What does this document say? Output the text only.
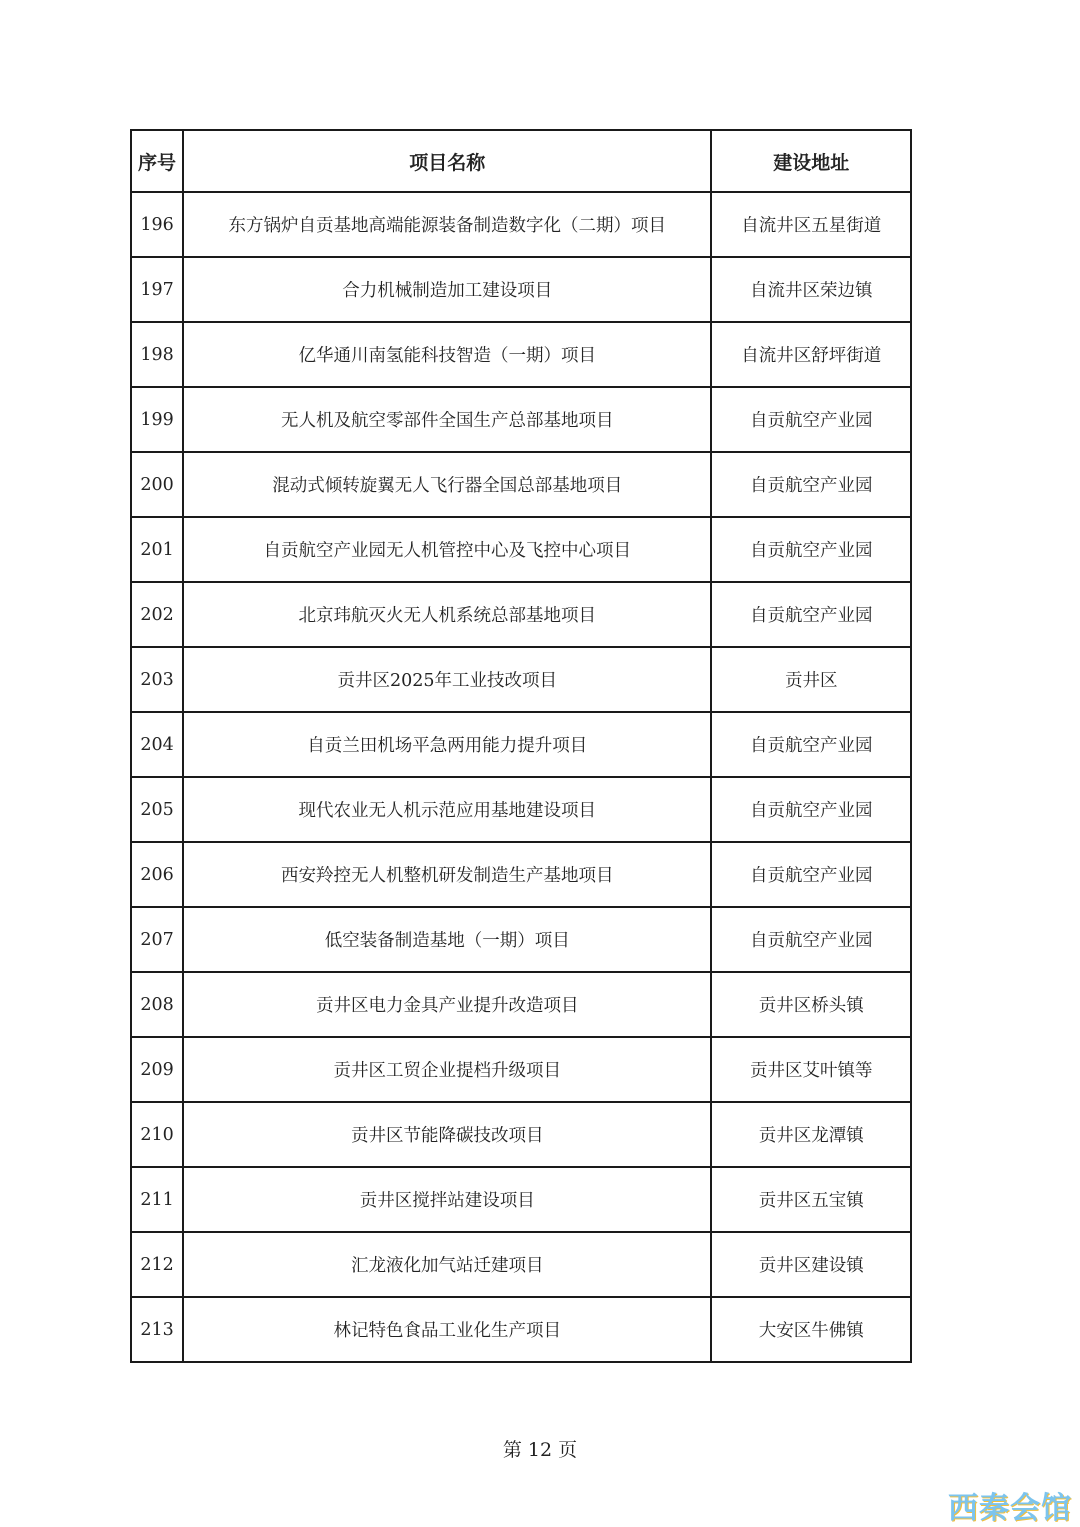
序号	项目名称	建设地址
196	东方锅炉自贡基地高端能源装备制造数字化（二期）项目	自流井区五星街道
197	合力机械制造加工建设项目	自流井区荣边镇
198	亿华通川南氢能科技智造（一期）项目	自流井区舒坪街道
199	无人机及航空零部件全国生产总部基地项目	自贡航空产业园
200	混动式倾转旋翼无人飞行器全国总部基地项目	自贡航空产业园
201	自贡航空产业园无人机管控中心及飞控中心项目	自贡航空产业园
202	北京玮航灭火无人机系统总部基地项目	自贡航空产业园
203	贡井区2025年工业技改项目	贡井区
204	自贡兰田机场平急两用能力提升项目	自贡航空产业园
205	现代农业无人机示范应用基地建设项目	自贡航空产业园
206	西安羚控无人机整机研发制造生产基地项目	自贡航空产业园
207	低空装备制造基地（一期）项目	自贡航空产业园
208	贡井区电力金具产业提升改造项目	贡井区桥头镇
209	贡井区工贸企业提档升级项目	贡井区艾叶镇等
210	贡井区节能降碳技改项目	贡井区龙潭镇
211	贡井区搅拌站建设项目	贡井区五宝镇
212	汇龙液化加气站迁建项目	贡井区建设镇
213	林记特色食品工业化生产项目	大安区牛佛镇
第 12 页
西秦会馆
